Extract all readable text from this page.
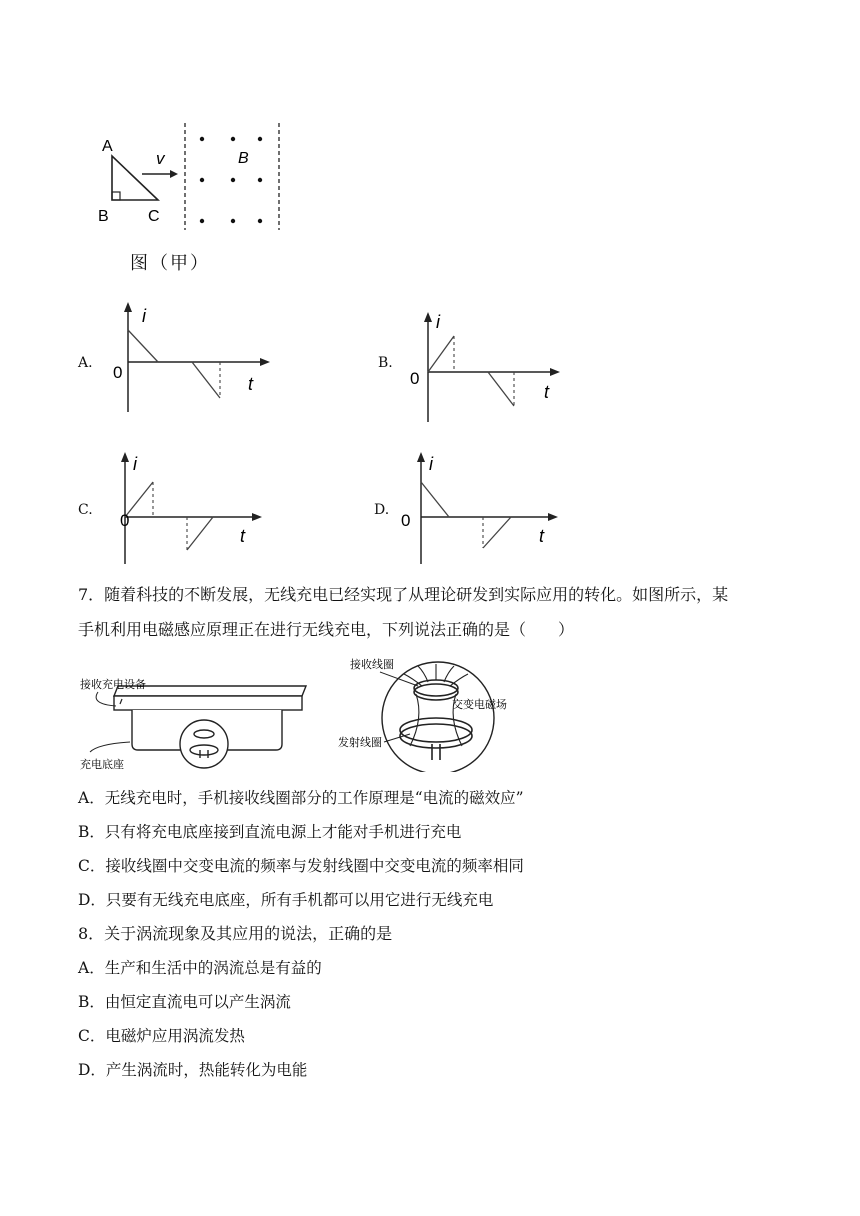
A
B C
v	B
图（甲）
A.
i
0
t
B.
i
0
t
C.
i
0
t
D.
i
0
t
7．随着科技的不断发展，无线充电已经实现了从理论研发到实际应用的转化。如图所示，某
手机利用电磁感应原理正在进行无线充电，下列说法正确的是（　　）
接收充电设备
充电底座
接收线圈
交变电磁场
发射线圈
A．无线充电时，手机接收线圈部分的工作原理是“电流的磁效应”
B．只有将充电底座接到直流电源上才能对手机进行充电
C．接收线圈中交变电流的频率与发射线圈中交变电流的频率相同
D．只要有无线充电底座，所有手机都可以用它进行无线充电
8．关于涡流现象及其应用的说法，正确的是
A．生产和生活中的涡流总是有益的
B．由恒定直流电可以产生涡流
C．电磁炉应用涡流发热
D．产生涡流时，热能转化为电能
